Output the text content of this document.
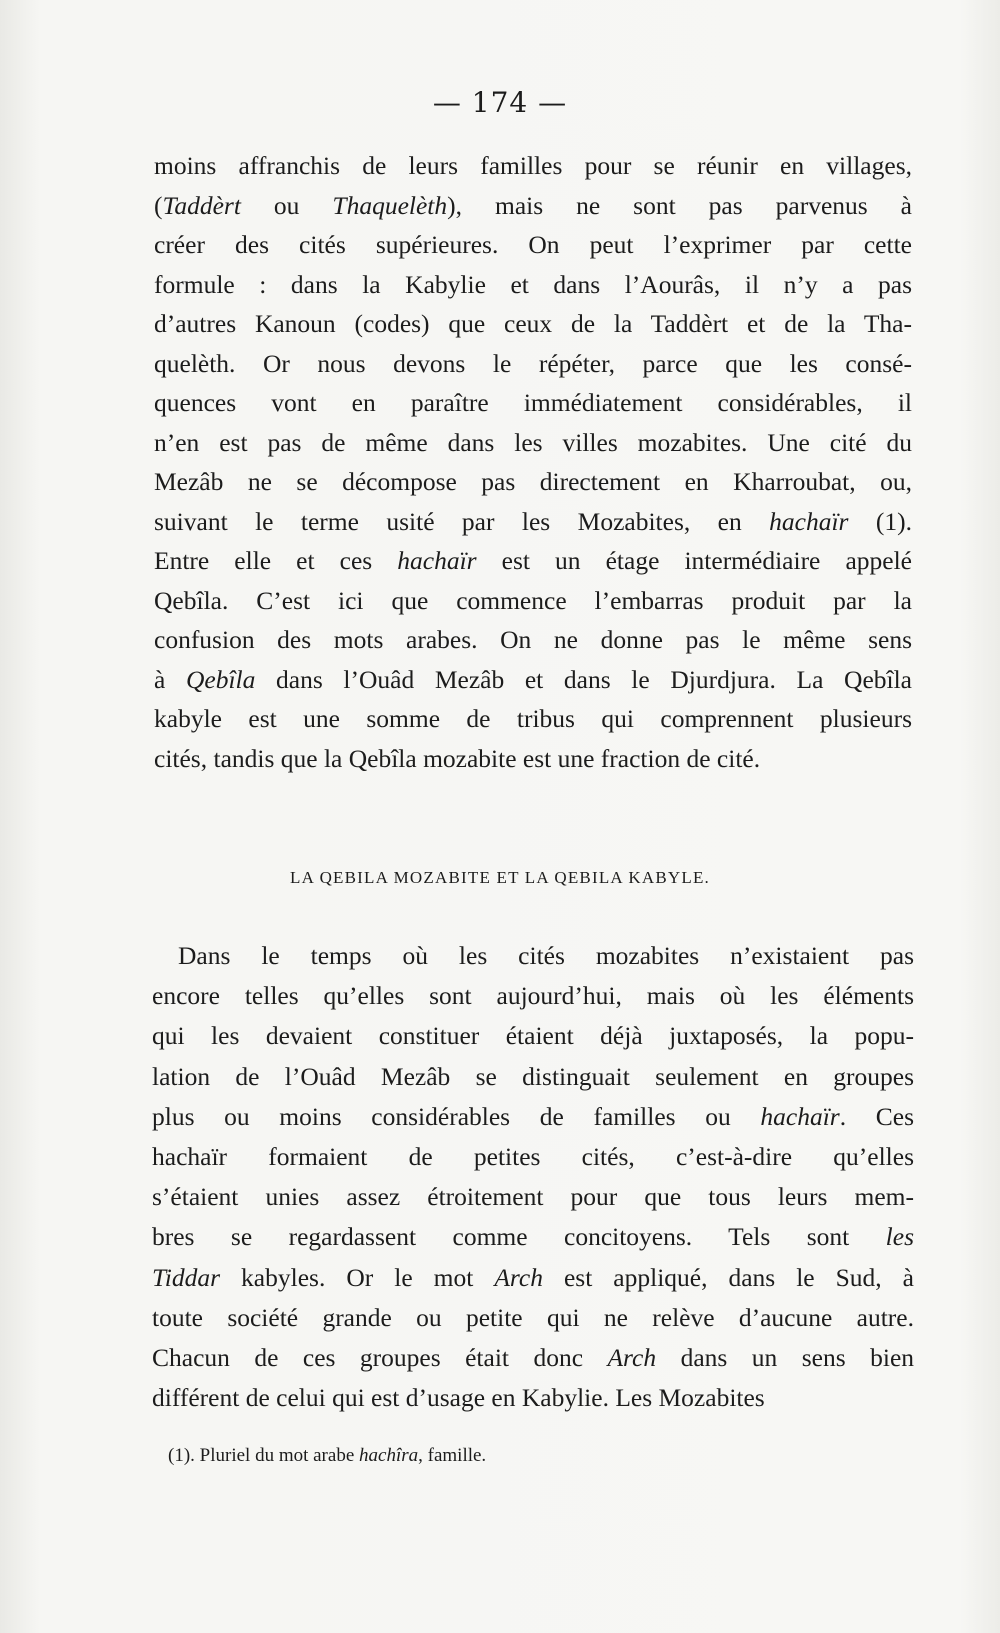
— 174 —
moins affranchis de leurs familles pour se réunir en villages,
(Taddèrt ou Thaquelèth), mais ne sont pas parvenus à
créer des cités supérieures. On peut l’exprimer par cette
formule : dans la Kabylie et dans l’Aourâs, il n’y a pas
d’autres Kanoun (codes) que ceux de la Taddèrt et de la Tha-
quelèth. Or nous devons le répéter, parce que les consé-
quences vont en paraître immédiatement considérables, il
n’en est pas de même dans les villes mozabites. Une cité du
Mezâb ne se décompose pas directement en Kharroubat, ou,
suivant le terme usité par les Mozabites, en hachaïr (1).
Entre elle et ces hachaïr est un étage intermédiaire appelé
Qebîla. C’est ici que commence l’embarras produit par la
confusion des mots arabes. On ne donne pas le même sens
à Qebîla dans l’Ouâd Mezâb et dans le Djurdjura. La Qebîla
kabyle est une somme de tribus qui comprennent plusieurs
cités, tandis que la Qebîla mozabite est une fraction de cité.
LA QEBILA MOZABITE ET LA QEBILA KABYLE.
Dans le temps où les cités mozabites n’existaient pas
encore telles qu’elles sont aujourd’hui, mais où les éléments
qui les devaient constituer étaient déjà juxtaposés, la popu-
lation de l’Ouâd Mezâb se distinguait seulement en groupes
plus ou moins considérables de familles ou hachaïr. Ces
hachaïr formaient de petites cités, c’est-à-dire qu’elles
s’étaient unies assez étroitement pour que tous leurs mem-
bres se regardassent comme concitoyens. Tels sont les
Tiddar kabyles. Or le mot Arch est appliqué, dans le Sud, à
toute société grande ou petite qui ne relève d’aucune autre.
Chacun de ces groupes était donc Arch dans un sens bien
différent de celui qui est d’usage en Kabylie. Les Mozabites
(1). Pluriel du mot arabe hachîra, famille.
